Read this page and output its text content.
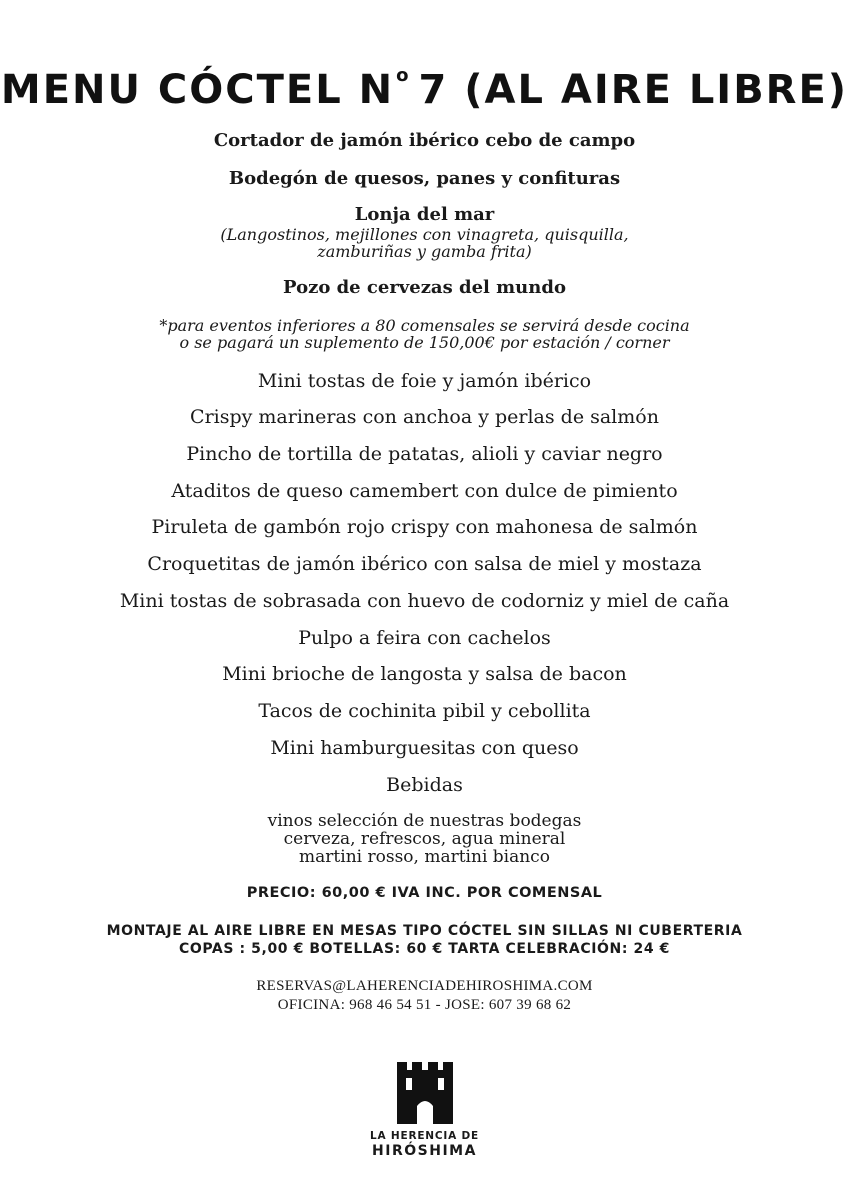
MENU CÓCTEL N $^o$ 7 (AL AIRE LIBRE)
Cortador de jamón ibérico cebo de campo
Bodegón de quesos, panes y confituras
Lonja del mar
(Langostinos, mejillones con vinagreta, quisquilla,
zamburiñas y gamba frita)
Pozo de cervezas del mundo
*para eventos inferiores a 80 comensales se servirá desde cocina
o se pagará un suplemento de 150,00€ por estación / corner
Mini tostas de foie y jamón ibérico
Crispy marineras con anchoa y perlas de salmón
Pincho de tortilla de patatas, alioli y caviar negro
Ataditos de queso camembert con dulce de pimiento
Piruleta de gambón rojo crispy con mahonesa de salmón
Croquetitas de jamón ibérico con salsa de miel y mostaza
Mini tostas de sobrasada con huevo de codorniz y miel de caña
Pulpo a feira con cachelos
Mini brioche de langosta y salsa de bacon
Tacos de cochinita pibil y cebollita
Mini hamburguesitas con queso
Bebidas
vinos selección de nuestras bodegas
cerveza, refrescos, agua mineral
martini rosso, martini bianco
PRECIO: 60,00 € IVA INC. POR COMENSAL
MONTAJE AL AIRE LIBRE EN MESAS TIPO CÓCTEL SIN SILLAS NI CUBERTERIA
COPAS : 5,00 € BOTELLAS: 60 € TARTA CELEBRACIÓN: 24 €
RESERVAS@LAHERENCIADEHIROSHIMA.COM
OFICINA: 968 46 54 51 - JOSE: 607 39 68 62
LA HERENCIA DE
HIRÓSHIMA
